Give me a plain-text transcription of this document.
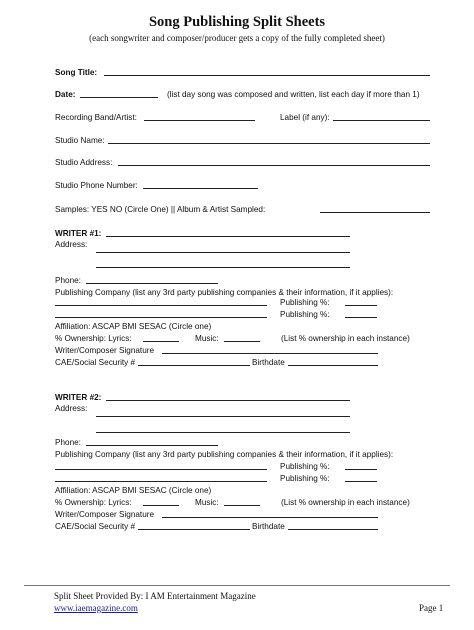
Song Publishing Split Sheets
(each songwriter and composer/producer gets a copy of the fully completed sheet)
Song Title:
Date:	(list day song was composed and written, list each day if more than 1)
Recording Band/Artist:	Label (if any):
Studio Name:
Studio Address:
Studio Phone Number:
Samples: YES NO (Circle One) || Album & Artist Sampled:
WRITER #1:
Address:
Phone:
Publishing Company (list any 3rd party publishing companies & their information, if it applies):
Publishing %:
Publishing %:
Affiliation: ASCAP BMI SESAC (Circle one)
% Ownership: Lyrics:	Music:	(List % ownership in each instance)
Writer/Composer Signature
CAE/Social Security #	Birthdate
WRITER #2:
Address:
Phone:
Publishing Company (list any 3rd party publishing companies & their information, if it applies):
Publishing %:
Publishing %:
Affiliation: ASCAP BMI SESAC (Circle one)
% Ownership: Lyrics:	Music:	(List % ownership in each instance)
Writer/Composer Signature
CAE/Social Security #	Birthdate
Split Sheet Provided By: I AM Entertainment Magazine
www.iaemagazine.com	Page 1
